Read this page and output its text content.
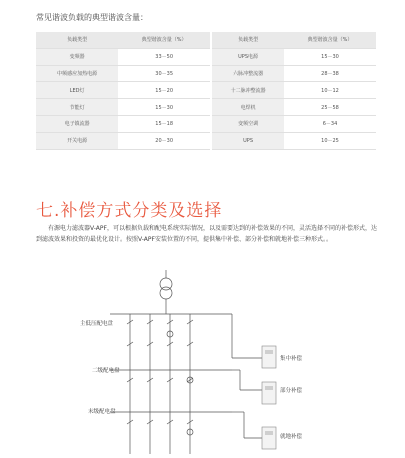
常见谐波负载的典型谐波含量：
负载类型	典型谐波含量（%）		负载类型	典型谐波含量（%）
变频器	33－50		UPS电源	15－30
中频感应加热电源	30－35		六脉冲整流器	28－38
LED灯	15－20		十二脉冲整流器	10－12
节能灯	15－30		电焊机	25－58
电子镇流器	15－18		变频空调	6－34
开关电源	20－30		UPS	10－25
七.补偿方式分类及选择
有源电力滤波器V-APF，可以根据负载和配电系统实际情况，以及需要达到的补偿效果的不同，灵活选择不同的补偿形式，达到滤波效果和投资的最优化设计。按照V-APF安装位置的不同，提供集中补偿、部分补偿和就地补偿三种形式。。
主低压配电盘
二级配电盘
末级配电盘
集中补偿
部分补偿
就地补偿
